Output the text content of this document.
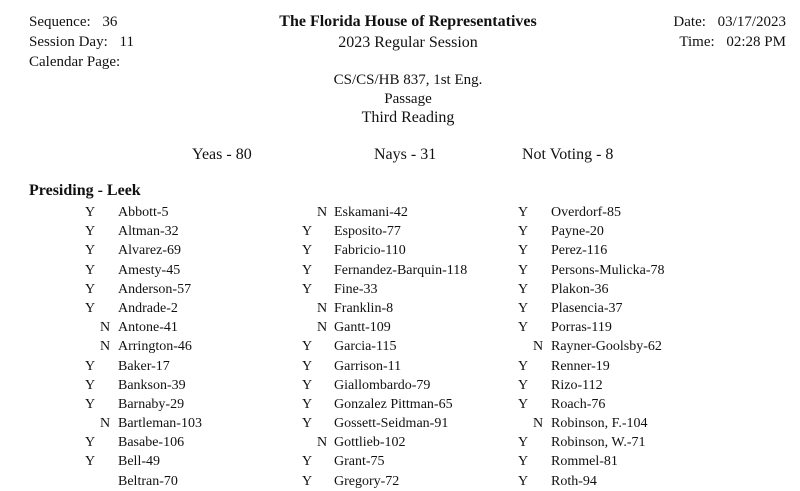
Sequence: 36
Session Day: 11
Calendar Page:
The Florida House of Representatives
2023 Regular Session
Date: 03/17/2023
Time: 02:28 PM
CS/CS/HB 837, 1st Eng.
Passage
Third Reading
Yeas - 80	Nays - 31	Not Voting - 8
Presiding - Leek
Y	Abbott-5
Y	Altman-32
Y	Alvarez-69
Y	Amesty-45
Y	Anderson-57
Y	Andrade-2
N Antone-41
N Arrington-46
Y	Baker-17
Y	Bankson-39
Y	Barnaby-29
N Bartleman-103
Y	Basabe-106
Y	Bell-49
Beltran-70
N Eskamani-42
Y	Esposito-77
Y	Fabricio-110
Y	Fernandez-Barquin-118
Y	Fine-33
N Franklin-8
N Gantt-109
Y	Garcia-115
Y	Garrison-11
Y	Giallombardo-79
Y	Gonzalez Pittman-65
Y	Gossett-Seidman-91
N Gottlieb-102
Y	Grant-75
Y	Gregory-72
Y	Overdorf-85
Y	Payne-20
Y	Perez-116
Y	Persons-Mulicka-78
Y	Plakon-36
Y	Plasencia-37
Y	Porras-119
N Rayner-Goolsby-62
Y	Renner-19
Y	Rizo-112
Y	Roach-76
N Robinson, F.-104
Y	Robinson, W.-71
Y	Rommel-81
Y	Roth-94
